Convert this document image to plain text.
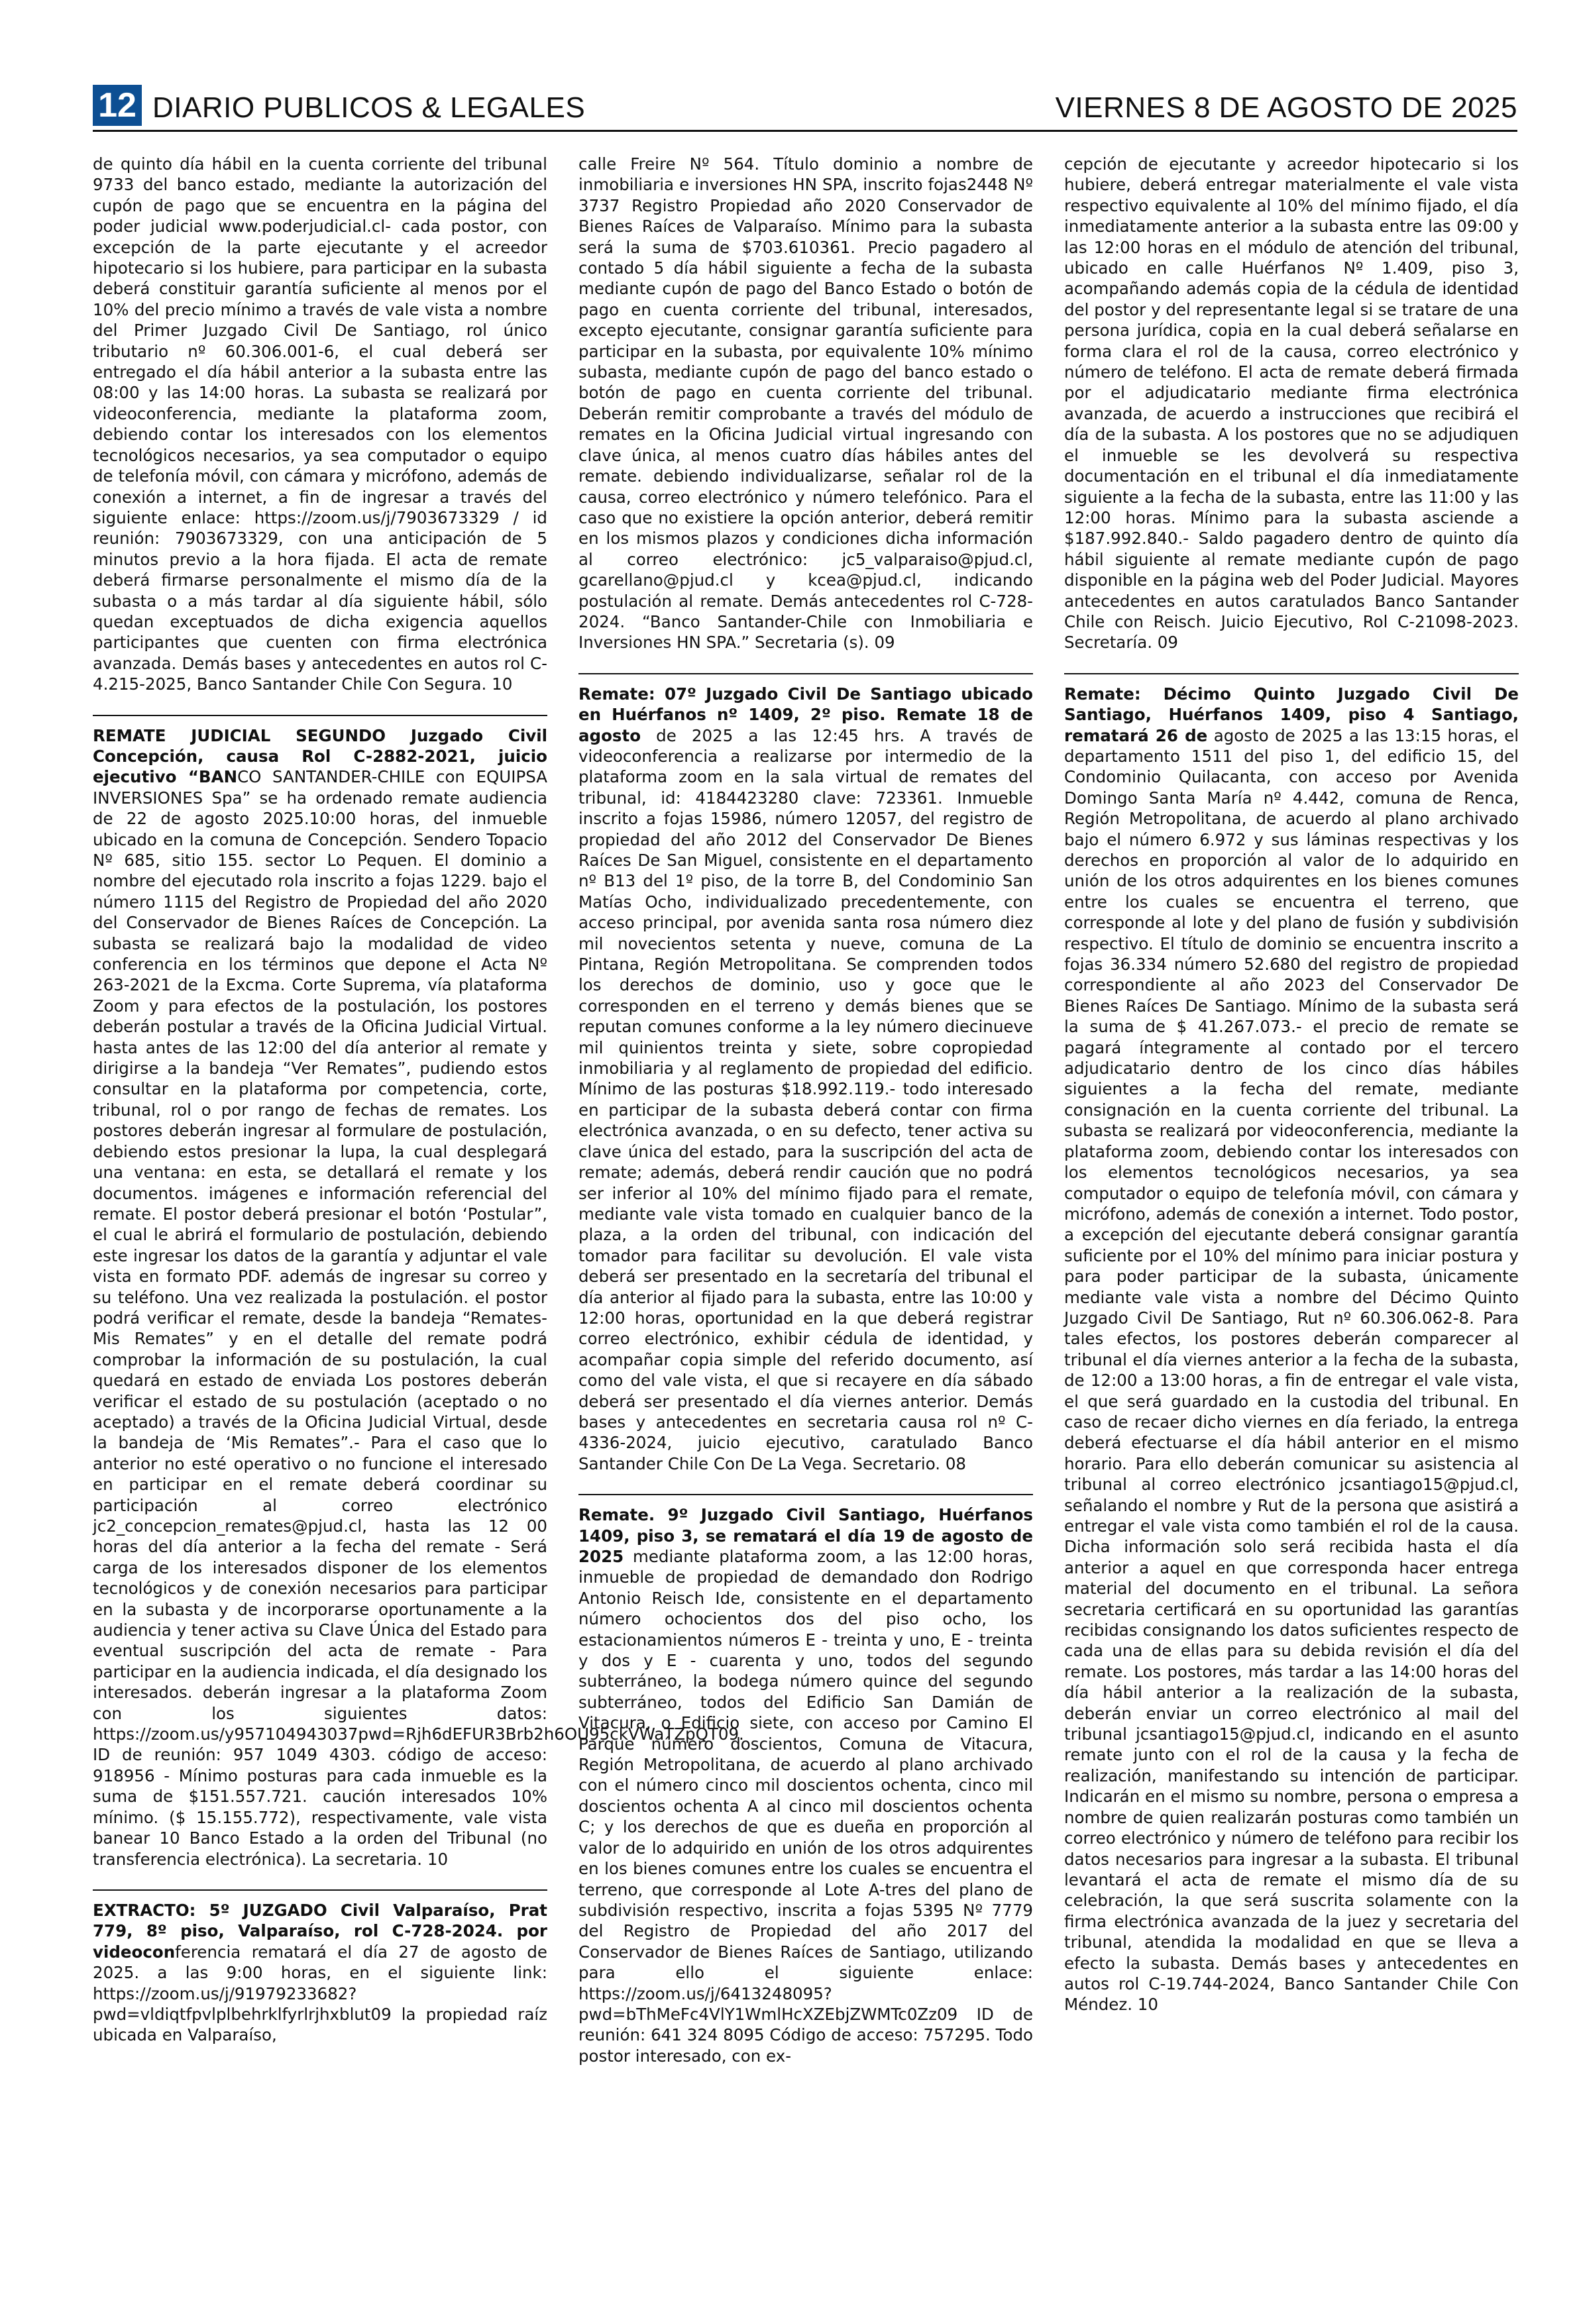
12 DIARIO PUBLICOS & LEGALES	VIERNES 8 DE AGOSTO DE 2025

de quinto día hábil en la cuenta corriente del tribunal 9733 del banco estado, mediante la autorización del cupón de pago que se encuentra en la página del poder judicial www.poderjudicial.cl- cada postor, con excepción de la parte ejecutante y el acreedor hipotecario si los hubiere, para participar en la subasta deberá constituir garantía suficiente al menos por el 10% del precio mínimo a través de vale vista a nombre del Primer Juzgado Civil De Santiago, rol único tributario nº 60.306.001-6, el cual deberá ser entregado el día hábil anterior a la subasta entre las 08:00 y las 14:00 horas. La subasta se realizará por videoconferencia, mediante la plataforma zoom, debiendo contar los interesados con los elementos tecnológicos necesarios, ya sea computador o equipo de telefonía móvil, con cámara y micrófono, además de conexión a internet, a fin de ingresar a través del siguiente enlace: https://zoom.us/j/7903673329 / id reunión: 7903673329, con una anticipación de 5 minutos previo a la hora fijada. El acta de remate deberá firmarse personalmente el mismo día de la subasta o a más tardar al día siguiente hábil, sólo quedan exceptuados de dicha exigencia aquellos participantes que cuenten con firma electrónica avanzada. Demás bases y antecedentes en autos rol C-4.215-2025, Banco Santander Chile Con Segura. 10

REMATE JUDICIAL SEGUNDO Juzgado Civil Concepción, causa Rol C-2882-2021, juicio ejecutivo “BANCO SANTANDER-CHILE con EQUIPSA INVERSIONES Spa” se ha ordenado remate audiencia de 22 de agosto 2025.10:00 horas, del inmueble ubicado en la comuna de Concepción. Sendero Topacio Nº 685, sitio 155. sector Lo Pequen. El dominio a nombre del ejecutado rola inscrito a fojas 1229. bajo el número 1115 del Registro de Propiedad del año 2020 del Conservador de Bienes Raíces de Concepción. La subasta se realizará bajo la modalidad de video conferencia en los términos que depone el Acta Nº 263-2021 de la Excma. Corte Suprema, vía plataforma Zoom y para efectos de la postulación, los postores deberán postular a través de la Oficina Judicial Virtual. hasta antes de las 12:00 del día anterior al remate y dirigirse a la bandeja “Ver Remates”, pudiendo estos consultar en la plataforma por competencia, corte, tribunal, rol o por rango de fechas de remates. Los postores deberán ingresar al formulare de postulación, debiendo estos presionar la lupa, la cual desplegará una ventana: en esta, se detallará el remate y los documentos. imágenes e información referencial del remate. El postor deberá presionar el botón ‘Postular”, el cual le abrirá el formulario de postulación, debiendo este ingresar los datos de la garantía y adjuntar el vale vista en formato PDF. además de ingresar su correo y su teléfono. Una vez realizada la postulación. el postor podrá verificar el remate, desde la bandeja “Remates- Mis Remates” y en el detalle del remate podrá comprobar la información de su postulación, la cual quedará en estado de enviada Los postores deberán verificar el estado de su postulación (aceptado o no aceptado) a través de la Oficina Judicial Virtual, desde la bandeja de ‘Mis Remates”.- Para el caso que lo anterior no esté operativo o no funcione el interesado en participar en el remate deberá coordinar su participación al correo electrónico jc2_concepcion_remates@pjud.cl, hasta las 12 00 horas del día anterior a la fecha del remate - Será carga de los interesados disponer de los elementos tecnológicos y de conexión necesarios para participar en la subasta y de incorporarse oportunamente a la audiencia y tener activa su Clave Única del Estado para eventual suscripción del acta de remate - Para participar en la audiencia indicada, el día designado los interesados. deberán ingresar a la plataforma Zoom con los siguientes datos: https://zoom.us/y957104943037pwd=Rjh6dEFUR3Brb2h6OU95ckVWaTZpQT09. ID de reunión: 957 1049 4303. código de acceso: 918956 - Mínimo posturas para cada inmueble es la suma de $151.557.721. caución interesados 10% mínimo. ($ 15.155.772), respectivamente, vale vista banear 10 Banco Estado a la orden del Tribunal (no transferencia electrónica). La secretaria. 10

EXTRACTO: 5º JUZGADO Civil Valparaíso, Prat 779, 8º piso, Valparaíso, rol C-728-2024. por videoconferencia rematará el día 27 de agosto de 2025. a las 9:00 horas, en el siguiente link: https://zoom.us/j/91979233682?pwd=vldiqtfpvlplbehrklfyrlrjhxblut09 la propiedad raíz ubicada en Valparaíso,

calle Freire Nº 564. Título dominio a nombre de inmobiliaria e inversiones HN SPA, inscrito fojas2448 Nº 3737 Registro Propiedad año 2020 Conservador de Bienes Raíces de Valparaíso. Mínimo para la subasta será la suma de $703.610361. Precio pagadero al contado 5 día hábil siguiente a fecha de la subasta mediante cupón de pago del Banco Estado o botón de pago en cuenta corriente del tribunal, interesados, excepto ejecutante, consignar garantía suficiente para participar en la subasta, por equivalente 10% mínimo subasta, mediante cupón de pago del banco estado o botón de pago en cuenta corriente del tribunal. Deberán remitir comprobante a través del módulo de remates en la Oficina Judicial virtual ingresando con clave única, al menos cuatro días hábiles antes del remate. debiendo individualizarse, señalar rol de la causa, correo electrónico y número telefónico. Para el caso que no existiere la opción anterior, deberá remitir en los mismos plazos y condiciones dicha información al correo electrónico: jc5_valparaiso@pjud.cl, gcarellano@pjud.cl y kcea@pjud.cl, indicando postulación al remate. Demás antecedentes rol C-728-2024. “Banco Santander-Chile con Inmobiliaria e Inversiones HN SPA.” Secretaria (s). 09

Remate: 07º Juzgado Civil De Santiago ubicado en Huérfanos nº 1409, 2º piso. Remate 18 de agosto de 2025 a las 12:45 hrs. A través de videoconferencia a realizarse por intermedio de la plataforma zoom en la sala virtual de remates del tribunal, id: 4184423280 clave: 723361. Inmueble inscrito a fojas 15986, número 12057, del registro de propiedad del año 2012 del Conservador De Bienes Raíces De San Miguel, consistente en el departamento nº B13 del 1º piso, de la torre B, del Condominio San Matías Ocho, individualizado precedentemente, con acceso principal, por avenida santa rosa número diez mil novecientos setenta y nueve, comuna de La Pintana, Región Metropolitana. Se comprenden todos los derechos de dominio, uso y goce que le corresponden en el terreno y demás bienes que se reputan comunes conforme a la ley número diecinueve mil quinientos treinta y siete, sobre copropiedad inmobiliaria y al reglamento de propiedad del edificio. Mínimo de las posturas $18.992.119.- todo interesado en participar de la subasta deberá contar con firma electrónica avanzada, o en su defecto, tener activa su clave única del estado, para la suscripción del acta de remate; además, deberá rendir caución que no podrá ser inferior al 10% del mínimo fijado para el remate, mediante vale vista tomado en cualquier banco de la plaza, a la orden del tribunal, con indicación del tomador para facilitar su devolución. El vale vista deberá ser presentado en la secretaría del tribunal el día anterior al fijado para la subasta, entre las 10:00 y 12:00 horas, oportunidad en la que deberá registrar correo electrónico, exhibir cédula de identidad, y acompañar copia simple del referido documento, así como del vale vista, el que si recayere en día sábado deberá ser presentado el día viernes anterior. Demás bases y antecedentes en secretaria causa rol nº C-4336-2024, juicio ejecutivo, caratulado Banco Santander Chile Con De La Vega. Secretario. 08

Remate. 9º Juzgado Civil Santiago, Huérfanos 1409, piso 3, se rematará el día 19 de agosto de 2025 mediante plataforma zoom, a las 12:00 horas, inmueble de propiedad de demandado don Rodrigo Antonio Reisch Ide, consistente en el departamento número ochocientos dos del piso ocho, los estacionamientos números E - treinta y uno, E - treinta y dos y E - cuarenta y uno, todos del segundo subterráneo, la bodega número quince del segundo subterráneo, todos del Edificio San Damián de Vitacura, o Edificio siete, con acceso por Camino El Parque número doscientos, Comuna de Vitacura, Región Metropolitana, de acuerdo al plano archivado con el número cinco mil doscientos ochenta, cinco mil doscientos ochenta A al cinco mil doscientos ochenta C; y los derechos de que es dueña en proporción al valor de lo adquirido en unión de los otros adquirentes en los bienes comunes entre los cuales se encuentra el terreno, que corresponde al Lote A-tres del plano de subdivisión respectivo, inscrita a fojas 5395 Nº 7779 del Registro de Propiedad del año 2017 del Conservador de Bienes Raíces de Santiago, utilizando para ello el siguiente enlace: https://zoom.us/j/6413248095?pwd=bThMeFc4VlY1WmlHcXZEbjZWMTc0Zz09 ID de reunión: 641 324 8095 Código de acceso: 757295. Todo postor interesado, con ex-

cepción de ejecutante y acreedor hipotecario si los hubiere, deberá entregar materialmente el vale vista respectivo equivalente al 10% del mínimo fijado, el día inmediatamente anterior a la subasta entre las 09:00 y las 12:00 horas en el módulo de atención del tribunal, ubicado en calle Huérfanos Nº 1.409, piso 3, acompañando además copia de la cédula de identidad del postor y del representante legal si se tratare de una persona jurídica, copia en la cual deberá señalarse en forma clara el rol de la causa, correo electrónico y número de teléfono. El acta de remate deberá firmada por el adjudicatario mediante firma electrónica avanzada, de acuerdo a instrucciones que recibirá el día de la subasta. A los postores que no se adjudiquen el inmueble se les devolverá su respectiva documentación en el tribunal el día inmediatamente siguiente a la fecha de la subasta, entre las 11:00 y las 12:00 horas. Mínimo para la subasta asciende a $187.992.840.- Saldo pagadero dentro de quinto día hábil siguiente al remate mediante cupón de pago disponible en la página web del Poder Judicial. Mayores antecedentes en autos caratulados Banco Santander Chile con Reisch. Juicio Ejecutivo, Rol C-21098-2023. Secretaría. 09

Remate: Décimo Quinto Juzgado Civil De Santiago, Huérfanos 1409, piso 4 Santiago, rematará 26 de agosto de 2025 a las 13:15 horas, el departamento 1511 del piso 1, del edificio 15, del Condominio Quilacanta, con acceso por Avenida Domingo Santa María nº 4.442, comuna de Renca, Región Metropolitana, de acuerdo al plano archivado bajo el número 6.972 y sus láminas respectivas y los derechos en proporción al valor de lo adquirido en unión de los otros adquirentes en los bienes comunes entre los cuales se encuentra el terreno, que corresponde al lote y del plano de fusión y subdivisión respectivo. El título de dominio se encuentra inscrito a fojas 36.334 número 52.680 del registro de propiedad correspondiente al año 2023 del Conservador De Bienes Raíces De Santiago. Mínimo de la subasta será la suma de $ 41.267.073.- el precio de remate se pagará íntegramente al contado por el tercero adjudicatario dentro de los cinco días hábiles siguientes a la fecha del remate, mediante consignación en la cuenta corriente del tribunal. La subasta se realizará por videoconferencia, mediante la plataforma zoom, debiendo contar los interesados con los elementos tecnológicos necesarios, ya sea computador o equipo de telefonía móvil, con cámara y micrófono, además de conexión a internet. Todo postor, a excepción del ejecutante deberá consignar garantía suficiente por el 10% del mínimo para iniciar postura y para poder participar de la subasta, únicamente mediante vale vista a nombre del Décimo Quinto Juzgado Civil De Santiago, Rut nº 60.306.062-8. Para tales efectos, los postores deberán comparecer al tribunal el día viernes anterior a la fecha de la subasta, de 12:00 a 13:00 horas, a fin de entregar el vale vista, el que será guardado en la custodia del tribunal. En caso de recaer dicho viernes en día feriado, la entrega deberá efectuarse el día hábil anterior en el mismo horario. Para ello deberán comunicar su asistencia al tribunal al correo electrónico jcsantiago15@pjud.cl, señalando el nombre y Rut de la persona que asistirá a entregar el vale vista como también el rol de la causa. Dicha información solo será recibida hasta el día anterior a aquel en que corresponda hacer entrega material del documento en el tribunal. La señora secretaria certificará en su oportunidad las garantías recibidas consignando los datos suficientes respecto de cada una de ellas para su debida revisión el día del remate. Los postores, más tardar a las 14:00 horas del día hábil anterior a la realización de la subasta, deberán enviar un correo electrónico al mail del tribunal jcsantiago15@pjud.cl, indicando en el asunto remate junto con el rol de la causa y la fecha de realización, manifestando su intención de participar. Indicarán en el mismo su nombre, persona o empresa a nombre de quien realizarán posturas como también un correo electrónico y número de teléfono para recibir los datos necesarios para ingresar a la subasta. El tribunal levantará el acta de remate el mismo día de su celebración, la que será suscrita solamente con la firma electrónica avanzada de la juez y secretaria del tribunal, atendida la modalidad en que se lleva a efecto la subasta. Demás bases y antecedentes en autos rol C-19.744-2024, Banco Santander Chile Con Méndez. 10
